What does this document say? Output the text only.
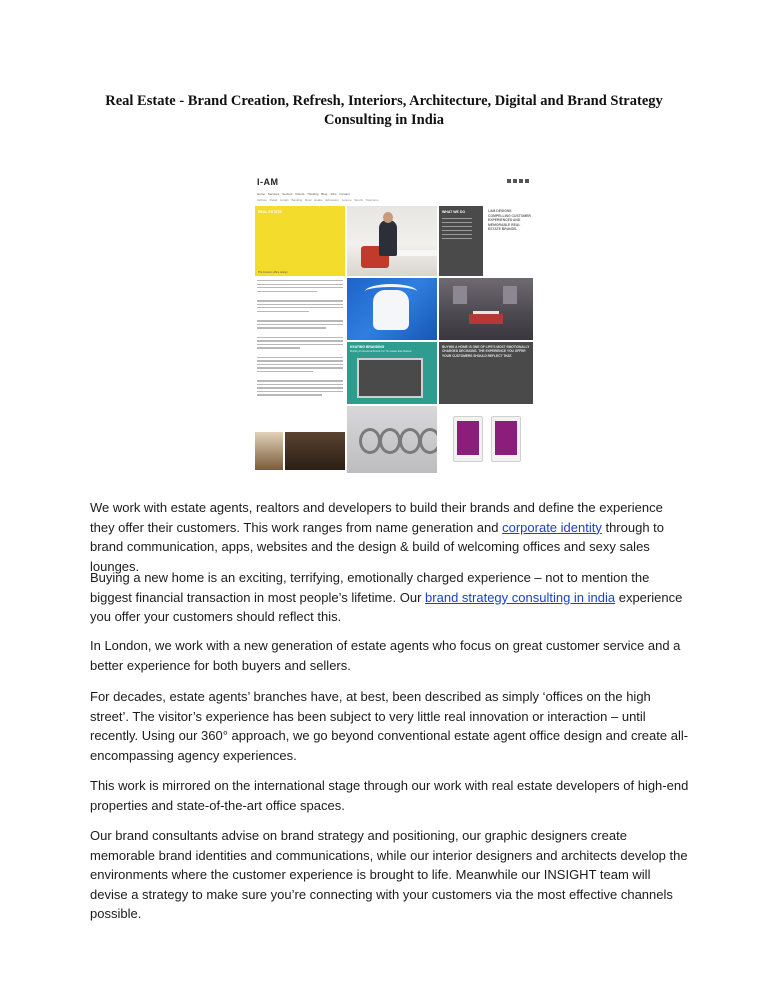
Real Estate - Brand Creation, Refresh, Interiors, Architecture, Digital and Brand Strategy Consulting in India
I-AM
Home Services Sectors Clients Thinking Blog Jobs Contact
Airlines Retail Hotels Banking Real Estate Education Leisure Sports Telecoms
REAL ESTATE
The Foxtons office design
WHAT WE DO	I-AM DESIGNS COMPELLING CUSTOMER EXPERIENCES AND MEMORABLE REAL ESTATE BRANDS.
KEATING BRANDING
Building Professional Brands For The Estate Sale Markets
BUYING A HOME IS ONE OF LIFE'S MOST EMOTIONALLY CHARGED DECISIONS. THE EXPERIENCE YOU OFFER YOUR CUSTOMERS SHOULD REFLECT THAT.

We work with estate agents, realtors and developers to build their brands and define the experience they offer their customers. This work ranges from name generation and corporate identity through to brand communication, apps, websites and the design & build of welcoming offices and sexy sales lounges.

Buying a new home is an exciting, terrifying, emotionally charged experience – not to mention the biggest financial transaction in most people’s lifetime. Our brand strategy consulting in india experience you offer your customers should reflect this.

In London, we work with a new generation of estate agents who focus on great customer service and a better experience for both buyers and sellers.

For decades, estate agents’ branches have, at best, been described as simply ‘offices on the high street’. The visitor’s experience has been subject to very little real innovation or interaction – until recently. Using our 360° approach, we go beyond conventional estate agent office design and create all-encompassing agency experiences.

This work is mirrored on the international stage through our work with real estate developers of high-end properties and state-of-the-art office spaces.

Our brand consultants advise on brand strategy and positioning, our graphic designers create memorable brand identities and communications, while our interior designers and architects develop the environments where the customer experience is brought to life. Meanwhile our INSIGHT team will devise a strategy to make sure you’re connecting with your customers via the most effective channels possible.
